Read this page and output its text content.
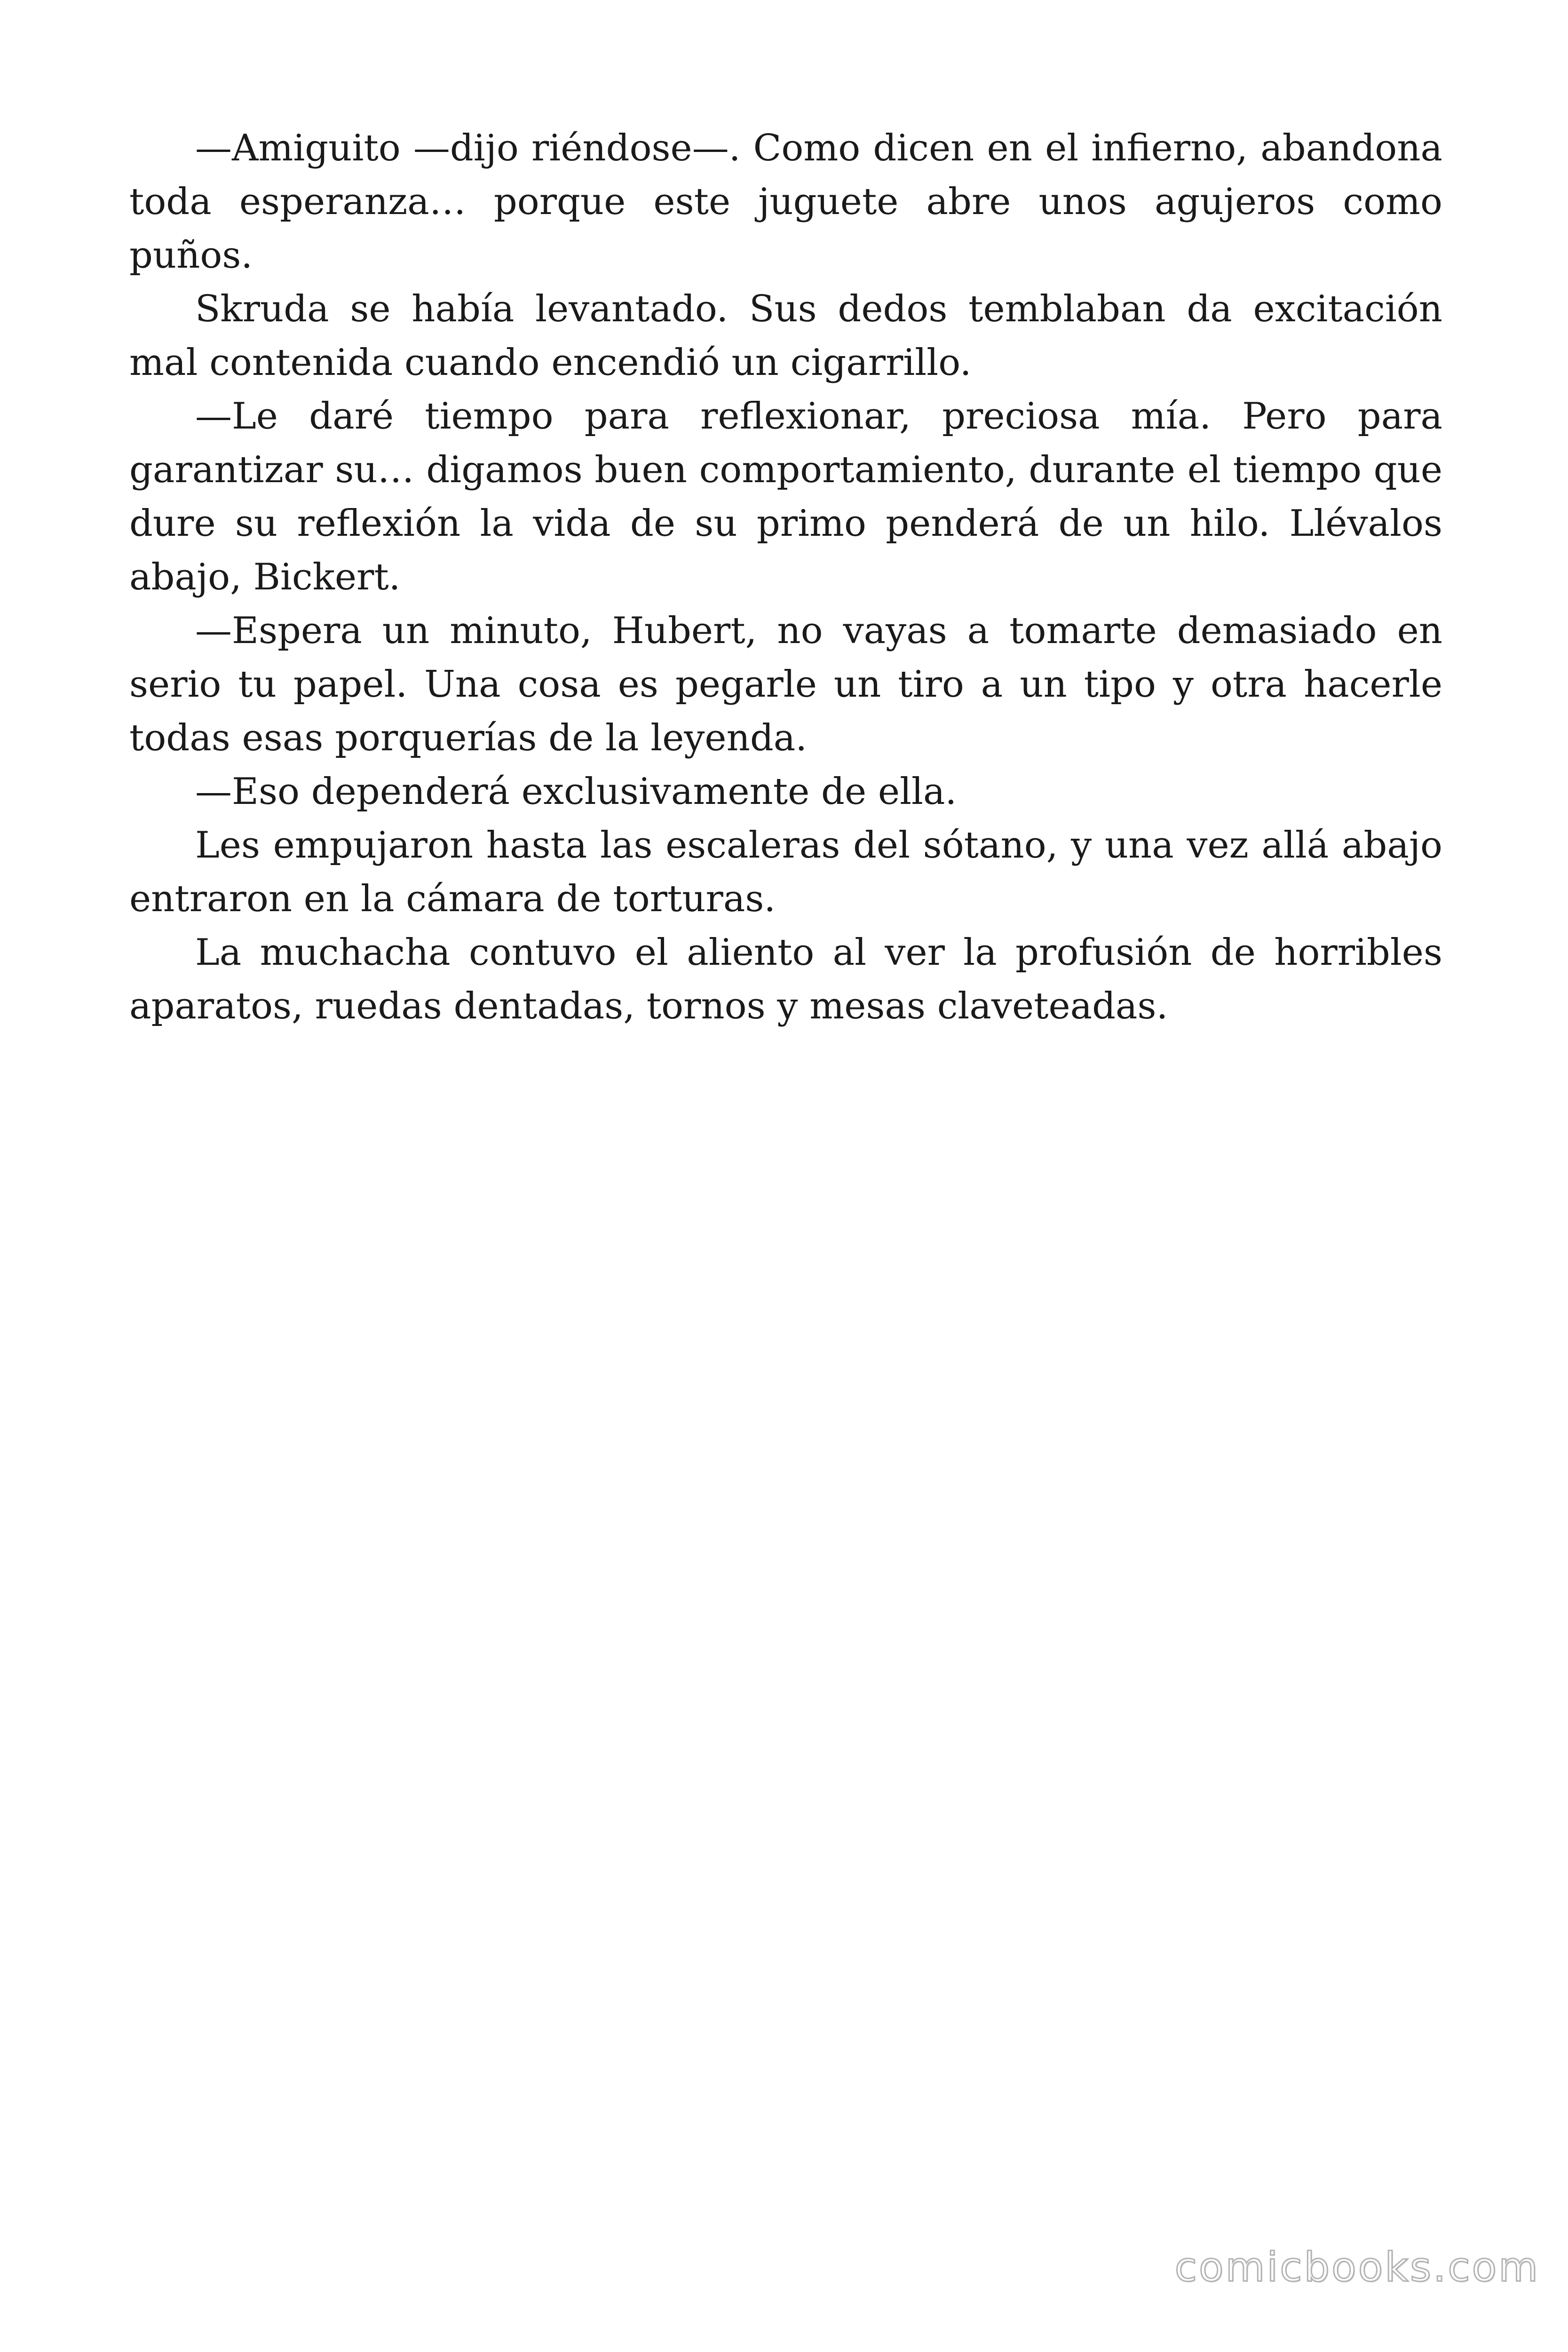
—Amiguito —dijo riéndose—. Como dicen en el infierno, abandona toda esperanza… porque este juguete abre unos agujeros como puños.

Skruda se había levantado. Sus dedos temblaban da excitación mal contenida cuando encendió un cigarrillo.

—Le daré tiempo para reflexionar, preciosa mía. Pero para garantizar su… digamos buen comportamiento, durante el tiempo que dure su reflexión la vida de su primo penderá de un hilo. Llévalos abajo, Bickert.

—Espera un minuto, Hubert, no vayas a tomarte demasiado en serio tu papel. Una cosa es pegarle un tiro a un tipo y otra hacerle todas esas porquerías de la leyenda.

—Eso dependerá exclusivamente de ella.

Les empujaron hasta las escaleras del sótano, y una vez allá abajo entraron en la cámara de torturas.

La muchacha contuvo el aliento al ver la profusión de horribles aparatos, ruedas dentadas, tornos y mesas claveteadas.

comicbooks.com
